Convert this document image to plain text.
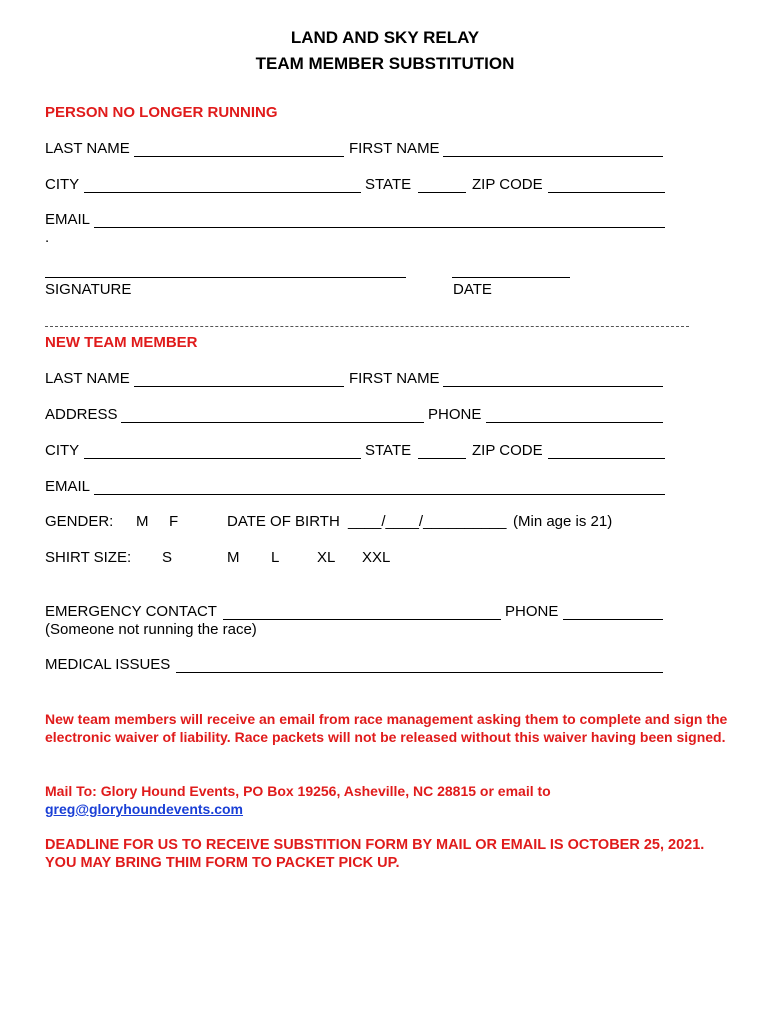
LAND AND SKY RELAY
TEAM MEMBER SUBSTITUTION
PERSON NO LONGER RUNNING
LAST NAME	FIRST NAME
CITY	STATE	ZIP CODE
EMAIL
.
SIGNATURE	DATE
NEW TEAM MEMBER
LAST NAME	FIRST NAME
ADDRESS	PHONE
CITY	STATE	ZIP CODE
EMAIL
GENDER: M F	DATE OF BIRTH ____/____/__________ (Min age is 21)
SHIRT SIZE: S	M L	XL XXL
EMERGENCY CONTACT	PHONE
(Someone not running the race)
MEDICAL ISSUES
New team members will receive an email from race management asking them to complete and sign the electronic waiver of liability. Race packets will not be released without this waiver having been signed.
Mail To: Glory Hound Events, PO Box 19256, Asheville, NC 28815 or email to
greg@gloryhoundevents.com
DEADLINE FOR US TO RECEIVE SUBSTITION FORM BY MAIL OR EMAIL IS OCTOBER 25, 2021. YOU MAY BRING THIM FORM TO PACKET PICK UP.
